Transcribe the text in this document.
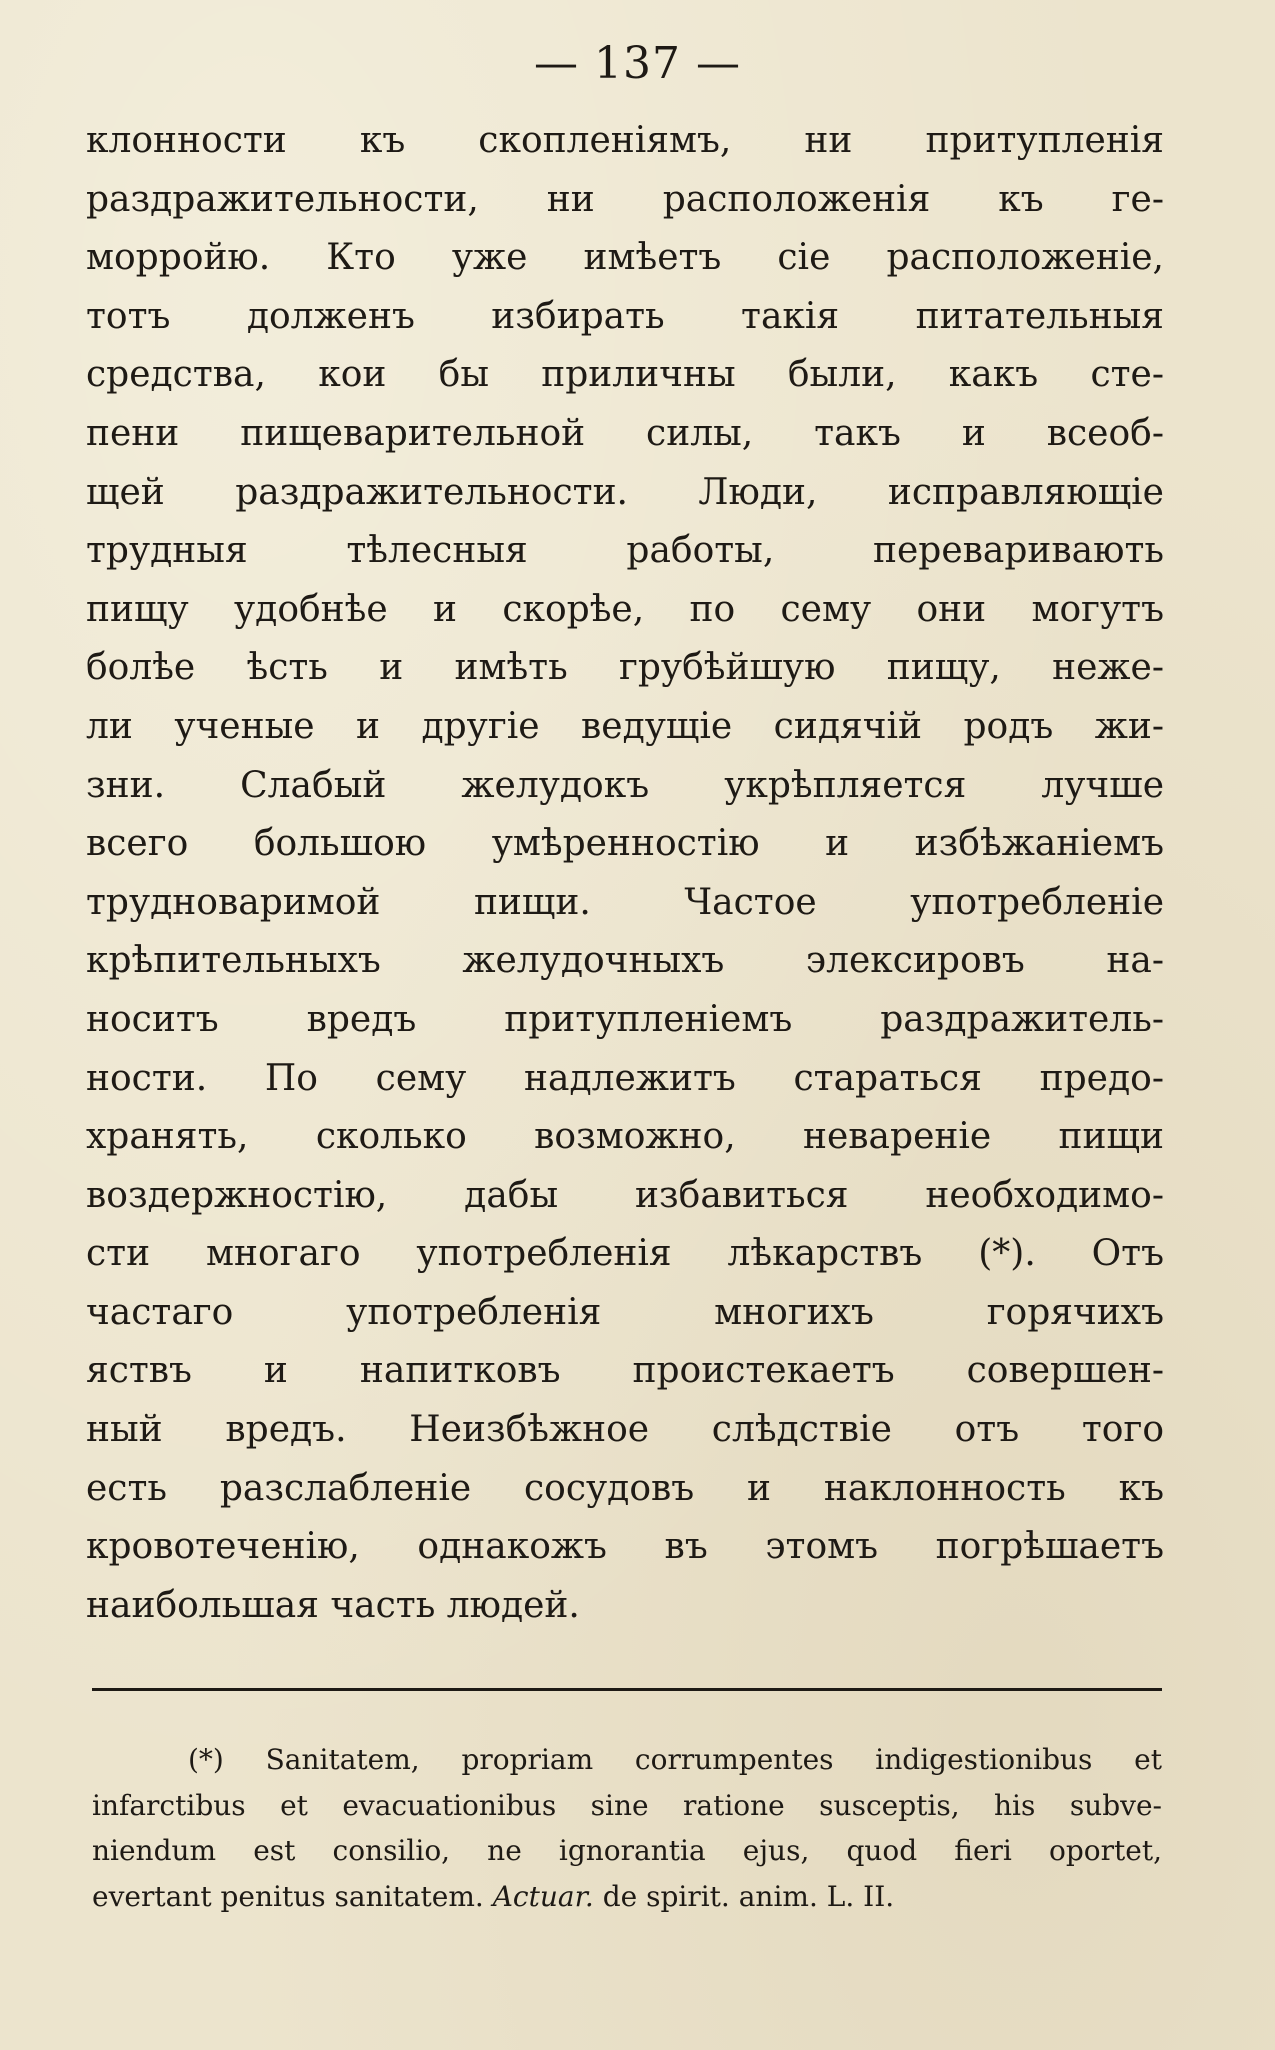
— 137 —
клонности къ скопленіямъ, ни притупленія
раздражительности, ни расположенія къ ге-
морройю. Кто уже имѣетъ сіе расположеніе,
тотъ долженъ избирать такія питательныя
средства, кои бы приличны были, какъ сте-
пени пищеварительной силы, такъ и всеоб-
щей раздражительности. Люди, исправляющіе
трудныя тѣлесныя работы, переваривають
пищу удобнѣе и скорѣе, по сему они могутъ
болѣе ѣсть и имѣть грубѣйшую пищу, нeже-
ли ученые и другіе ведущіе сидячій родъ жи-
зни. Слабый желудокъ укрѣпляется лучше
всего большою умѣренностію и избѣжаніемъ
трудноваримой пищи. Частое употребленіе
крѣпительныхъ желудочныхъ элексировъ на-
носитъ вредъ притупленіемъ раздражитель-
ности. По сему надлежитъ стараться предо-
хранять, сколько возможно, неваренiе пищи
воздержностію, дабы избавиться необходимо-
сти многаго употребленія лѣкарствъ (*). Отъ
частаго употребленія многихъ горячихъ
яствъ и напитковъ проистекаетъ совершен-
ный вредъ. Неизбѣжное слѣдствіе отъ того
есть разслабленіе сосудовъ и наклонность къ
кровотеченію, однакожъ въ этомъ погрѣшаетъ
наибольшая часть людей.
(*) Sanitatem, propriam corrumpentes indigestionibus et
infarctibus et evacuationibus sine ratione susceptis, his subve-
niendum est consilio, ne ignorantia ejus, quod fieri oportet,
evertant penitus sanitatem. Actuar. de spirit. anim. L. II.
